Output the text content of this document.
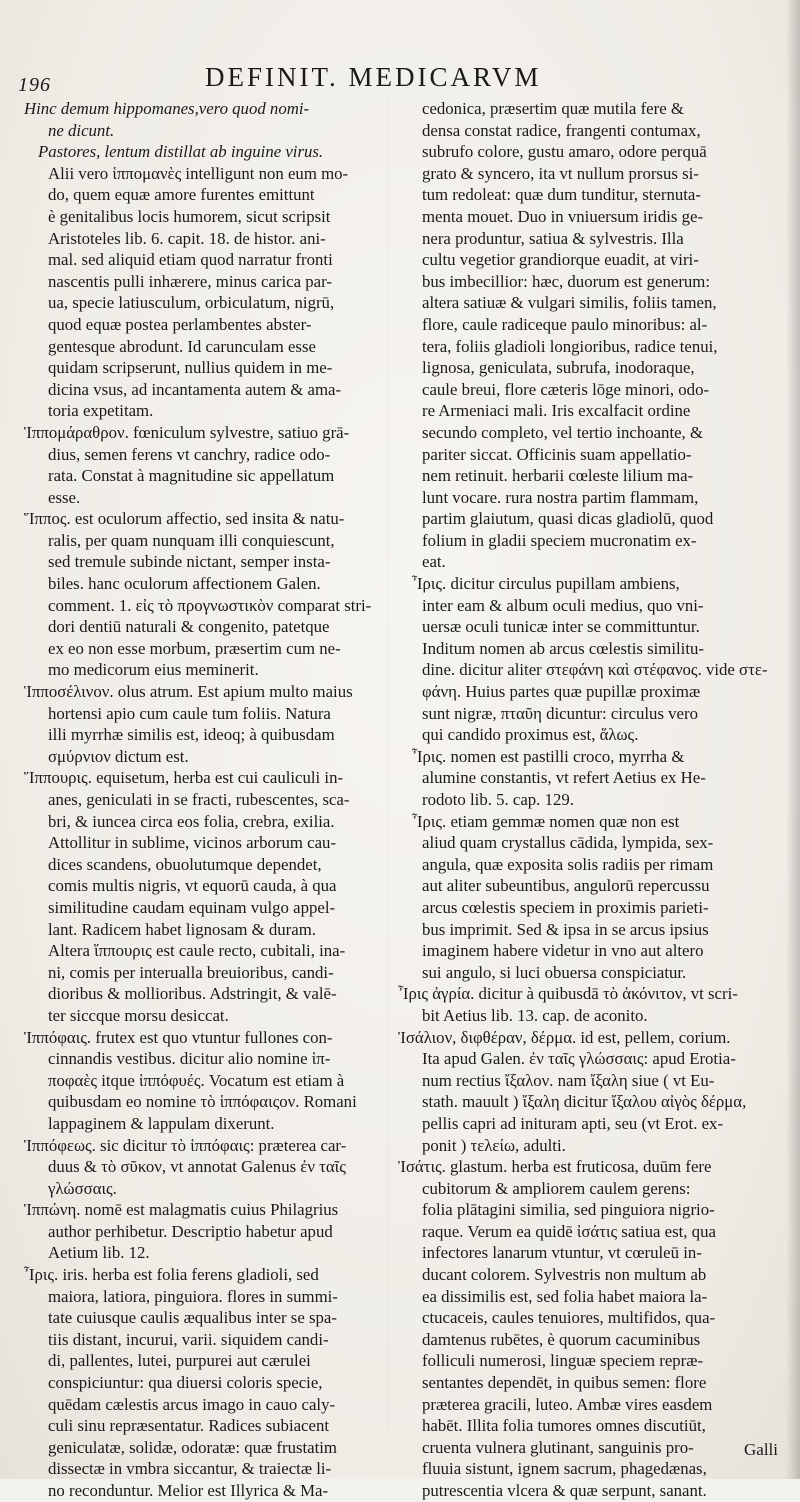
196	DEFINIT. MEDICARVM
Hinc demum hippomanes,vero quod nomi-
ne dicunt.
Pastores, lentum distillat ab inguine virus.
Alii vero ἱππομανὲς intelligunt non eum mo-
do, quem equæ amore furentes emittunt
è genitalibus locis humorem, sicut scripsit
Aristoteles lib. 6. capit. 18. de histor. ani-
mal. sed aliquid etiam quod narratur fronti
nascentis pulli inhærere, minus carica par-
ua, specie latiusculum, orbiculatum, nigrū,
quod equæ postea perlambentes abster-
gentesque abrodunt. Id carunculam esse
quidam scripserunt, nullius quidem in me-
dicina vsus, ad incantamenta autem & ama-
toria expetitam.
Ἱππομάραθρον. fœniculum sylvestre, satiuo grā-
dius, semen ferens vt canchry, radice odo-
rata. Constat à magnitudine sic appellatum
esse.
Ἵππος. est oculorum affectio, sed insita & natu-
ralis, per quam nunquam illi conquiescunt,
sed tremule subinde nictant, semper insta-
biles. hanc oculorum affectionem Galen.
comment. 1. εἰς τὸ προγνωστικὸν comparat stri-
dori dentiū naturali & congenito, patetque
ex eo non esse morbum, præsertim cum ne-
mo medicorum eius meminerit.
Ἱπποσέλινον. olus atrum. Est apium multo maius
hortensi apio cum caule tum foliis. Natura
illi myrrhæ similis est, ideoq; à quibusdam
σμύρνιον dictum est.
Ἵππουρις. equisetum, herba est cui cauliculi in-
anes, geniculati in se fracti, rubescentes, sca-
bri, & iuncea circa eos folia, crebra, exilia.
Attollitur in sublime, vicinos arborum cau-
dices scandens, obuolutumque dependet,
comis multis nigris, vt equorū cauda, à qua
similitudine caudam equinam vulgo appel-
lant. Radicem habet lignosam & duram.
Altera ἵππουρις est caule recto, cubitali, ina-
ni, comis per interualla breuioribus, candi-
dioribus & mollioribus. Adstringit, & valē-
ter siccque morsu desiccat.
Ἱππόφαις. frutex est quo vtuntur fullones con-
cinnandis vestibus. dicitur alio nomine ἱπ-
ποφαὲς itque ἱππόφυές. Vocatum est etiam à
quibusdam eo nomine τὸ ἱππόφαιςον. Romani
lappaginem & lappulam dixerunt.
Ἱππόφεως. sic dicitur τὸ ἱππόφαις: præterea car-
duus & τὸ σῦκον, vt annotat Galenus ἐν ταῖς
γλώσσαις.
Ἱππώνη. nomē est malagmatis cuius Philagrius
author perhibetur. Descriptio habetur apud
Aetium lib. 12.
Ἶρις. iris. herba est folia ferens gladioli, sed
maiora, latiora, pinguiora. flores in summi-
tate cuiusque caulis æqualibus inter se spa-
tiis distant, incurui, varii. siquidem candi-
di, pallentes, lutei, purpurei aut cærulei
conspiciuntur: qua diuersi coloris specie,
quēdam cælestis arcus imago in cauo caly-
culi sinu repræsentatur. Radices subiacent
geniculatæ, solidæ, odoratæ: quæ frustatim
dissectæ in vmbra siccantur, & traiectæ li-
no reconduntur. Melior est Illyrica & Ma-
cedonica, præsertim quæ mutila fere &
densa constat radice, frangenti contumax,
subrufo colore, gustu amaro, odore perquā
grato & syncero, ita vt nullum prorsus si-
tum redoleat: quæ dum tunditur, sternuta-
menta mouet. Duo in vniuersum iridis ge-
nera produntur, satiua & sylvestris. Illa
cultu vegetior grandiorque euadit, at viri-
bus imbecillior: hæc, duorum est generum:
altera satiuæ & vulgari similis, foliis tamen,
flore, caule radiceque paulo minoribus: al-
tera, foliis gladioli longioribus, radice tenui,
lignosa, geniculata, subrufa, inodoraque,
caule breui, flore cæteris lōge minori, odo-
re Armeniaci mali. Iris excalfacit ordine
secundo completo, vel tertio inchoante, &
pariter siccat. Officinis suam appellatio-
nem retinuit. herbarii cœleste lilium ma-
lunt vocare. rura nostra partim flammam,
partim glaiutum, quasi dicas gladiolū, quod
folium in gladii speciem mucronatim ex-
eat.
Ἶρις. dicitur circulus pupillam ambiens,
inter eam & album oculi medius, quo vni-
uersæ oculi tunicæ inter se committuntur.
Inditum nomen ab arcus cœlestis similitu-
dine. dicitur aliter στεφάνη καὶ στέφανος. vide στε-
φάνη. Huius partes quæ pupillæ proximæ
sunt nigræ, πταῦη dicuntur: circulus vero
qui candido proximus est, ἅλως.
Ἶρις. nomen est pastilli croco, myrrha &
alumine constantis, vt refert Aetius ex He-
rodoto lib. 5. cap. 129.
Ἶρις. etiam gemmæ nomen quæ non est
aliud quam crystallus cādida, lympida, sex-
angula, quæ exposita solis radiis per rimam
aut aliter subeuntibus, angulorū repercussu
arcus cœlestis speciem in proximis parieti-
bus imprimit. Sed & ipsa in se arcus ipsius
imaginem habere videtur in vno aut altero
sui angulo, si luci obuersa conspiciatur.
Ἶρις ἀγρία. dicitur à quibusdā τὸ ἀκόνιτον, vt scri-
bit Aetius lib. 13. cap. de aconito.
Ἰσάλιον, διφθέραν, δέρμα. id est, pellem, corium.
Ita apud Galen. ἐν ταῖς γλώσσαις: apud Erotia-
num rectius ἴξαλον. nam ἴξαλη siue ( vt Eu-
stath. mauult ) ἴξαλη dicitur ἴξαλου αἰγὸς δέρμα,
pellis capri ad inituram apti, seu (vt Erot. ex-
ponit ) τελείω, adulti.
Ἰσάτις. glastum. herba est fruticosa, duūm fere
cubitorum & ampliorem caulem gerens:
folia plātagini similia, sed pinguiora nigrio-
raque. Verum ea quidē ἰσάτις satiua est, qua
infectores lanarum vtuntur, vt cœruleū in-
ducant colorem. Sylvestris non multum ab
ea dissimilis est, sed folia habet maiora la-
ctucaceis, caules tenuiores, multifidos, qua-
damtenus rubētes, è quorum cacuminibus
folliculi numerosi, linguæ speciem repræ-
sentantes dependēt, in quibus semen: flore
præterea gracili, luteo. Ambæ vires easdem
habēt. Illita folia tumores omnes discutiūt,
cruenta vulnera glutinant, sanguinis pro-
fluuia sistunt, ignem sacrum, phagedænas,
putrescentia vlcera & quæ serpunt, sanant.
Galli
